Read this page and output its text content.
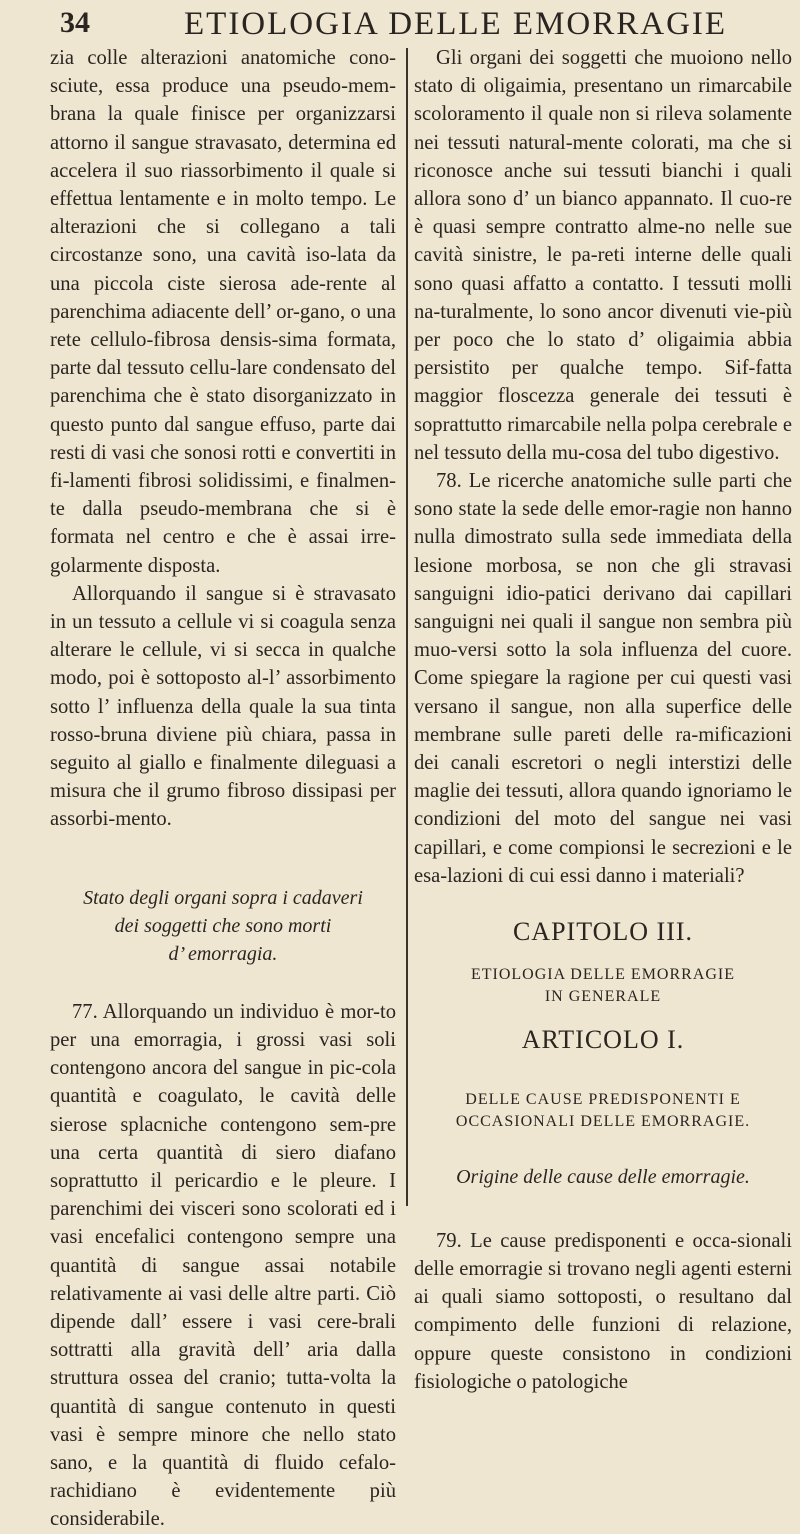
34	ETIOLOGIA DELLE EMORRAGIE

zia colle alterazioni anatomiche cono-sciute, essa produce una pseudo-mem-brana la quale finisce per organizzarsi attorno il sangue stravasato, determina ed accelera il suo riassorbimento il quale si effettua lentamente e in molto tempo. Le alterazioni che si collegano a tali circostanze sono, una cavità iso-lata da una piccola ciste sierosa ade-rente al parenchima adiacente dell’ or-gano, o una rete cellulo-fibrosa densis-sima formata, parte dal tessuto cellu-lare condensato del parenchima che è stato disorganizzato in questo punto dal sangue effuso, parte dai resti di vasi che sonosi rotti e convertiti in fi-lamenti fibrosi solidissimi, e finalmen-te dalla pseudo-membrana che si è formata nel centro e che è assai irre-golarmente disposta.

Allorquando il sangue si è stravasato in un tessuto a cellule vi si coagula senza alterare le cellule, vi si secca in qualche modo, poi è sottoposto al-l’ assorbimento sotto l’ influenza della quale la sua tinta rosso-bruna diviene più chiara, passa in seguito al giallo e finalmente dileguasi a misura che il grumo fibroso dissipasi per assorbi-mento.

Stato degli organi sopra i cadaveri
dei soggetti che sono morti
d’ emorragia.

77. Allorquando un individuo è mor-to per una emorragia, i grossi vasi soli contengono ancora del sangue in pic-cola quantità e coagulato, le cavità delle sierose splacniche contengono sem-pre una certa quantità di siero diafano soprattutto il pericardio e le pleure. I parenchimi dei visceri sono scolorati ed i vasi encefalici contengono sempre una quantità di sangue assai notabile relativamente ai vasi delle altre parti. Ciò dipende dall’ essere i vasi cere-brali sottratti alla gravità dell’ aria dalla struttura ossea del cranio; tutta-volta la quantità di sangue contenuto in questi vasi è sempre minore che nello stato sano, e la quantità di fluido cefalo-rachidiano è evidentemente più considerabile.

Gli organi dei soggetti che muoiono nello stato di oligaimia, presentano un rimarcabile scoloramento il quale non si rileva solamente nei tessuti natural-mente colorati, ma che si riconosce anche sui tessuti bianchi i quali allora sono d’ un bianco appannato. Il cuo-re è quasi sempre contratto alme-no nelle sue cavità sinistre, le pa-reti interne delle quali sono quasi affatto a contatto. I tessuti molli na-turalmente, lo sono ancor divenuti vie-più per poco che lo stato d’ oligaimia abbia persistito per qualche tempo. Sif-fatta maggior floscezza generale dei tessuti è soprattutto rimarcabile nella polpa cerebrale e nel tessuto della mu-cosa del tubo digestivo.

78. Le ricerche anatomiche sulle parti che sono state la sede delle emor-ragie non hanno nulla dimostrato sulla sede immediata della lesione morbosa, se non che gli stravasi sanguigni idio-patici derivano dai capillari sanguigni nei quali il sangue non sembra più muo-versi sotto la sola influenza del cuore. Come spiegare la ragione per cui questi vasi versano il sangue, non alla superfice delle membrane sulle pareti delle ra-mificazioni dei canali escretori o negli interstizi delle maglie dei tessuti, allora quando ignoriamo le condizioni del moto del sangue nei vasi capillari, e come compionsi le secrezioni e le esa-lazioni di cui essi danno i materiali?

CAPITOLO III.
ETIOLOGIA DELLE EMORRAGIE
IN GENERALE
ARTICOLO I.
DELLE CAUSE PREDISPONENTI E
OCCASIONALI DELLE EMORRAGIE.
Origine delle cause delle emorragie.

79. Le cause predisponenti e occa-sionali delle emorragie si trovano negli agenti esterni ai quali siamo sottoposti, o resultano dal compimento delle funzioni di relazione, oppure queste consistono in condizioni fisiologiche o patologiche
